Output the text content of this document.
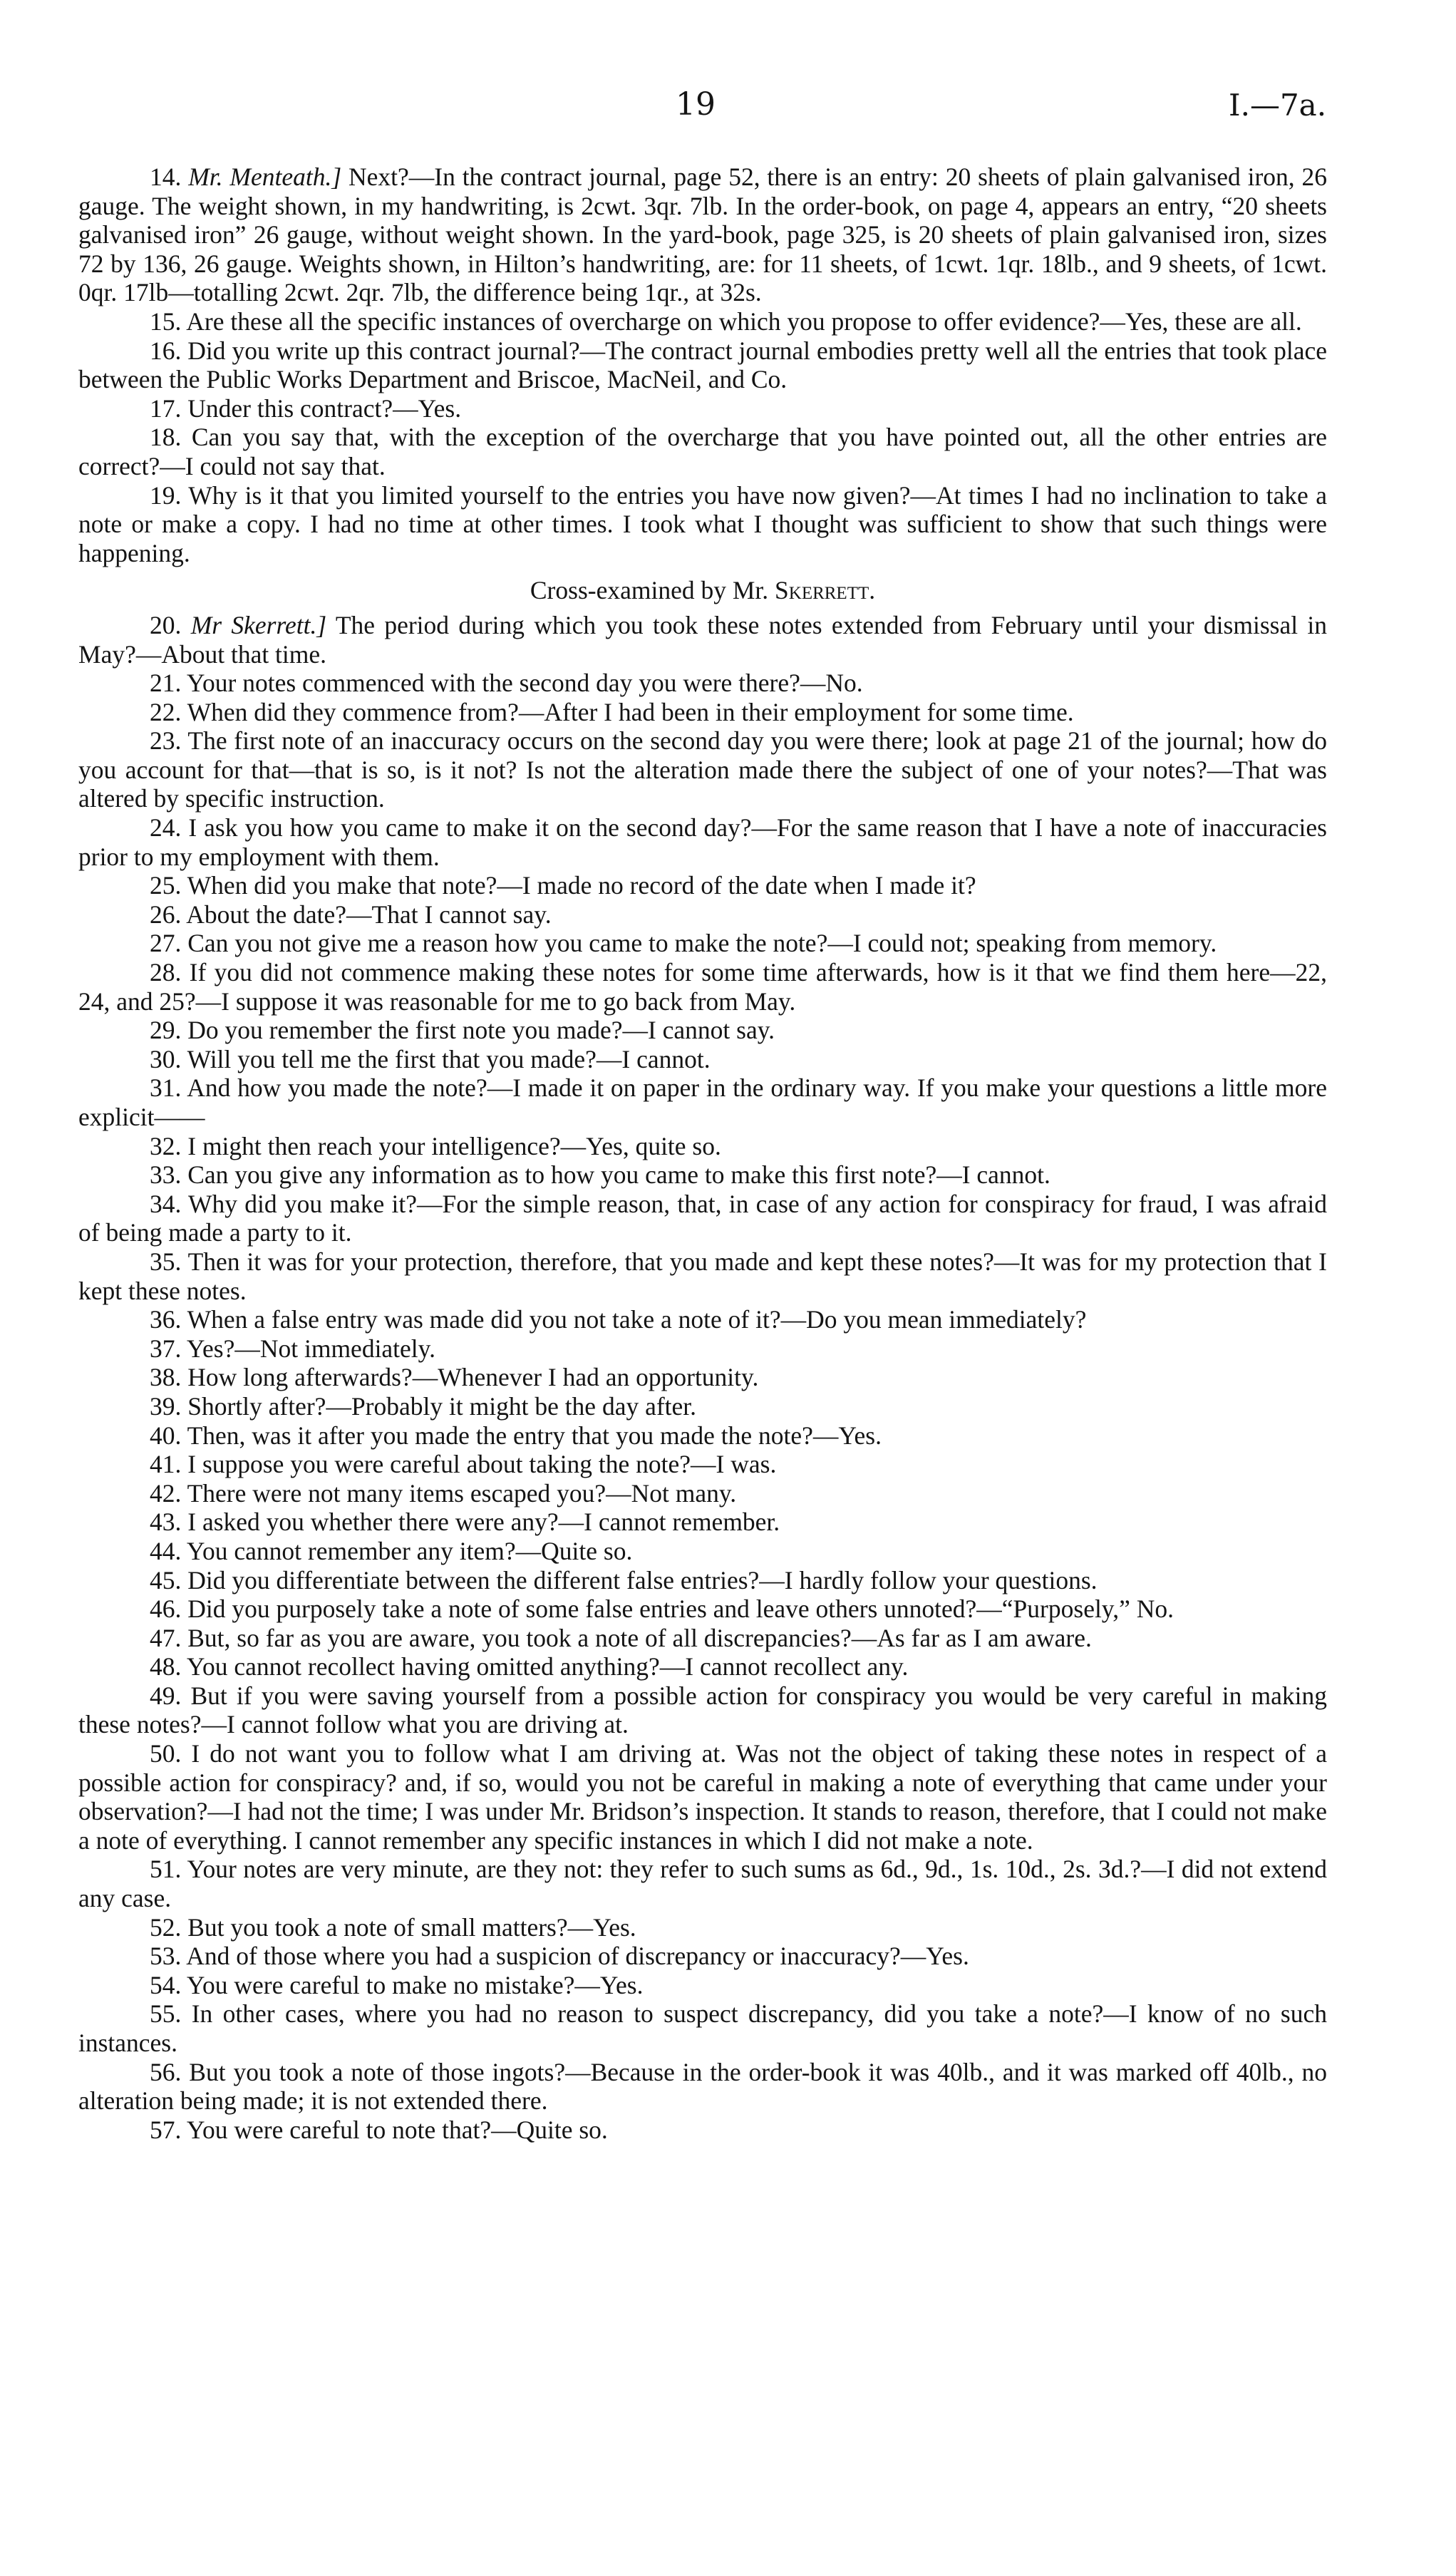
19	I.—7a.

14. Mr. Menteath.] Next?—In the contract journal, page 52, there is an entry: 20 sheets of plain galvanised iron, 26 gauge. The weight shown, in my handwriting, is 2cwt. 3qr. 7lb. In the order-book, on page 4, appears an entry, “20 sheets galvanised iron” 26 gauge, without weight shown. In the yard-book, page 325, is 20 sheets of plain galvanised iron, sizes 72 by 136, 26 gauge. Weights shown, in Hilton’s handwriting, are: for 11 sheets, of 1cwt. 1qr. 18lb., and 9 sheets, of 1cwt. 0qr. 17lb—totalling 2cwt. 2qr. 7lb, the difference being 1qr., at 32s.

15. Are these all the specific instances of overcharge on which you propose to offer evidence?—Yes, these are all.

16. Did you write up this contract journal?—The contract journal embodies pretty well all the entries that took place between the Public Works Department and Briscoe, MacNeil, and Co.

17. Under this contract?—Yes.

18. Can you say that, with the exception of the overcharge that you have pointed out, all the other entries are correct?—I could not say that.

19. Why is it that you limited yourself to the entries you have now given?—At times I had no inclination to take a note or make a copy. I had no time at other times. I took what I thought was sufficient to show that such things were happening.

Cross-examined by Mr. Skerrett.

20. Mr Skerrett.] The period during which you took these notes extended from February until your dismissal in May?—About that time.

21. Your notes commenced with the second day you were there?—No.

22. When did they commence from?—After I had been in their employment for some time.

23. The first note of an inaccuracy occurs on the second day you were there; look at page 21 of the journal; how do you account for that—that is so, is it not? Is not the alteration made there the subject of one of your notes?—That was altered by specific instruction.

24. I ask you how you came to make it on the second day?—For the same reason that I have a note of inaccuracies prior to my employment with them.

25. When did you make that note?—I made no record of the date when I made it?

26. About the date?—That I cannot say.

27. Can you not give me a reason how you came to make the note?—I could not; speaking from memory.

28. If you did not commence making these notes for some time afterwards, how is it that we find them here—22, 24, and 25?—I suppose it was reasonable for me to go back from May.

29. Do you remember the first note you made?—I cannot say.

30. Will you tell me the first that you made?—I cannot.

31. And how you made the note?—I made it on paper in the ordinary way. If you make your questions a little more explicit——

32. I might then reach your intelligence?—Yes, quite so.

33. Can you give any information as to how you came to make this first note?—I cannot.

34. Why did you make it?—For the simple reason, that, in case of any action for conspiracy for fraud, I was afraid of being made a party to it.

35. Then it was for your protection, therefore, that you made and kept these notes?—It was for my protection that I kept these notes.

36. When a false entry was made did you not take a note of it?—Do you mean immediately?

37. Yes?—Not immediately.

38. How long afterwards?—Whenever I had an opportunity.

39. Shortly after?—Probably it might be the day after.

40. Then, was it after you made the entry that you made the note?—Yes.

41. I suppose you were careful about taking the note?—I was.

42. There were not many items escaped you?—Not many.

43. I asked you whether there were any?—I cannot remember.

44. You cannot remember any item?—Quite so.

45. Did you differentiate between the different false entries?—I hardly follow your questions.

46. Did you purposely take a note of some false entries and leave others unnoted?—“Purposely,” No.

47. But, so far as you are aware, you took a note of all discrepancies?—As far as I am aware.

48. You cannot recollect having omitted anything?—I cannot recollect any.

49. But if you were saving yourself from a possible action for conspiracy you would be very careful in making these notes?—I cannot follow what you are driving at.

50. I do not want you to follow what I am driving at. Was not the object of taking these notes in respect of a possible action for conspiracy? and, if so, would you not be careful in making a note of everything that came under your observation?—I had not the time; I was under Mr. Bridson’s inspection. It stands to reason, therefore, that I could not make a note of everything. I cannot remember any specific instances in which I did not make a note.

51. Your notes are very minute, are they not: they refer to such sums as 6d., 9d., 1s. 10d., 2s. 3d.?—I did not extend any case.

52. But you took a note of small matters?—Yes.

53. And of those where you had a suspicion of discrepancy or inaccuracy?—Yes.

54. You were careful to make no mistake?—Yes.

55. In other cases, where you had no reason to suspect discrepancy, did you take a note?—I know of no such instances.

56. But you took a note of those ingots?—Because in the order-book it was 40lb., and it was marked off 40lb., no alteration being made; it is not extended there.

57. You were careful to note that?—Quite so.
